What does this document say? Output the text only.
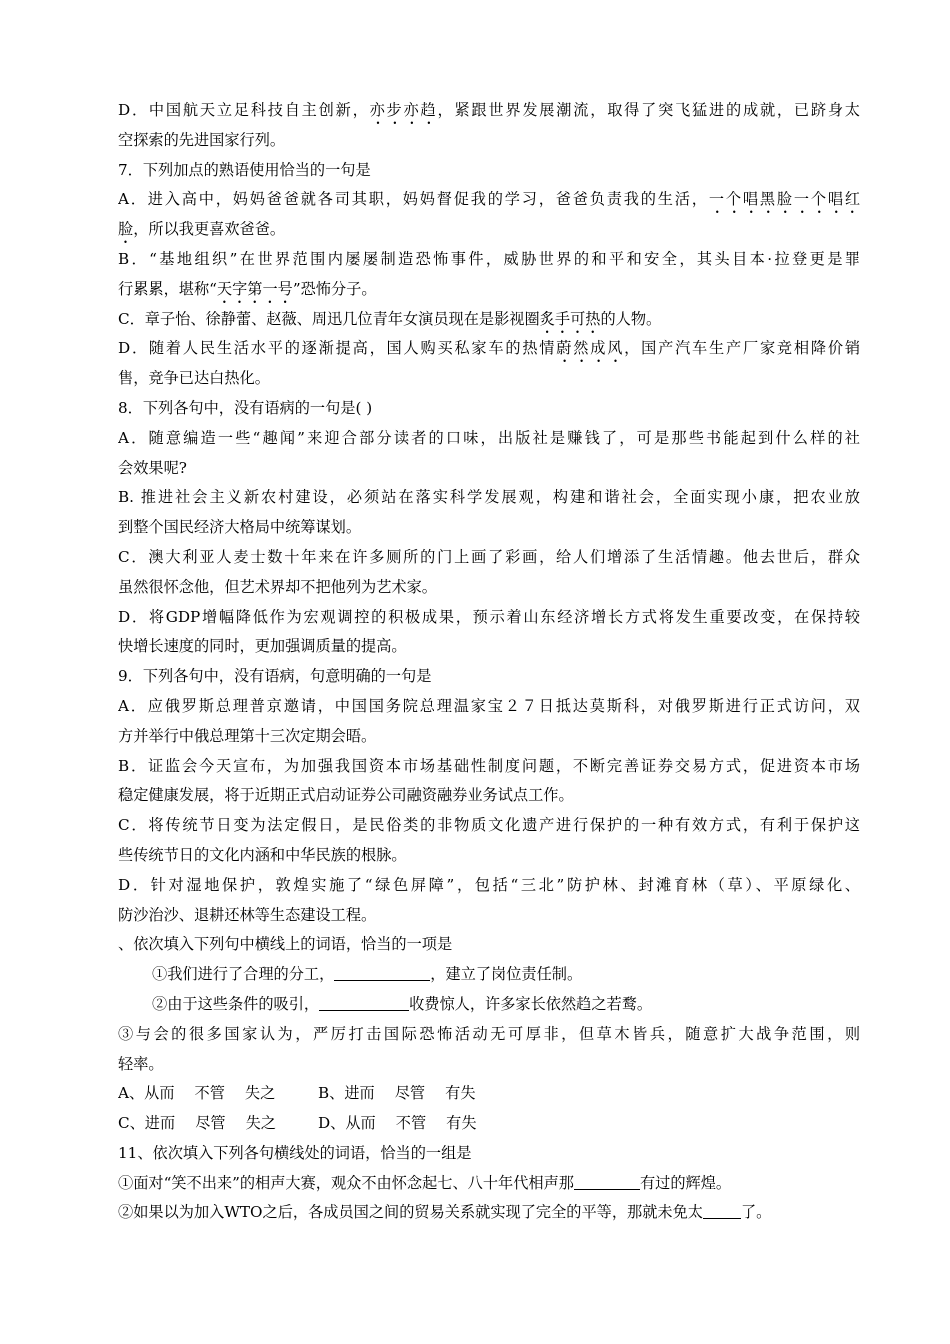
D．中国航天立足科技自主创新，亦步亦趋，紧跟世界发展潮流，取得了突飞猛进的成就，已跻身太
空探索的先进国家行列。
7．下列加点的熟语使用恰当的一句是
A．进入高中，妈妈爸爸就各司其职，妈妈督促我的学习，爸爸负责我的生活，一个唱黑脸一个唱红
脸，所以我更喜欢爸爸。
B．“基地组织”在世界范围内屡屡制造恐怖事件，威胁世界的和平和安全，其头目本·拉登更是罪
行累累，堪称“天字第一号”恐怖分子。
C．章子怡、徐静蕾、赵薇、周迅几位青年女演员现在是影视圈炙手可热的人物。
D．随着人民生活水平的逐渐提高，国人购买私家车的热情蔚然成风，国产汽车生产厂家竞相降价销
售，竞争已达白热化。
8．下列各句中，没有语病的一句是( )
A．随意编造一些“趣闻”来迎合部分读者的口味，出版社是赚钱了，可是那些书能起到什么样的社
会效果呢?
B. 推进社会主义新农村建设，必须站在落实科学发展观，构建和谐社会，全面实现小康，把农业放
到整个国民经济大格局中统筹谋划。
C．澳大利亚人麦士数十年来在许多厕所的门上画了彩画，给人们增添了生活情趣。他去世后，群众
虽然很怀念他，但艺术界却不把他列为艺术家。
D．将GDP增幅降低作为宏观调控的积极成果，预示着山东经济增长方式将发生重要改变，在保持较
快增长速度的同时，更加强调质量的提高。
9．下列各句中，没有语病，句意明确的一句是
A．应俄罗斯总理普京邀请，中国国务院总理温家宝２７日抵达莫斯科，对俄罗斯进行正式访问，双
方并举行中俄总理第十三次定期会晤。
B．证监会今天宣布，为加强我国资本市场基础性制度问题，不断完善证券交易方式，促进资本市场
稳定健康发展，将于近期正式启动证券公司融资融券业务试点工作。
C．将传统节日变为法定假日，是民俗类的非物质文化遗产进行保护的一种有效方式，有利于保护这
些传统节日的文化内涵和中华民族的根脉。
D．针对湿地保护，敦煌实施了“绿色屏障”，包括“三北”防护林、封滩育林（草）、平原绿化、
防沙治沙、退耕还林等生态建设工程。
、依次填入下列句中横线上的词语，恰当的一项是
①我们进行了合理的分工，	，建立了岗位责任制。
②由于这些条件的吸引，	收费惊人，许多家长依然趋之若鹜。
③与会的很多国家认为，严厉打击国际恐怖活动无可厚非，但草木皆兵，随意扩大战争范围，则
轻率。
A、从而　 不管　 失之	B、进而　 尽管　 有失
C、进而　 尽管　 失之	D、从而　 不管　 有失
11、依次填入下列各句横线处的词语，恰当的一组是
①面对“笑不出来”的相声大赛，观众不由怀念起七、八十年代相声那	有过的辉煌。
②如果以为加入WTO之后，各成员国之间的贸易关系就实现了完全的平等，那就未免太	了。
